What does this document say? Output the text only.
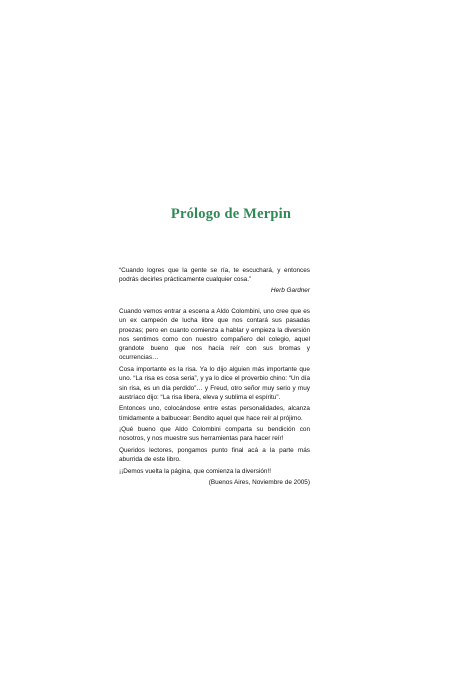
Prólogo de Merpin
“Cuando logres que la gente se ría, te escuchará, y entonces podrás decirles prácticamente cualquier cosa.”
Herb Gardner

Cuando vemos entrar a escena a Aldo Colombini, uno cree que es un ex campeón de lucha libre que nos contará sus pasadas proezas; pero en cuanto comienza a hablar y empieza la diversión nos sentimos como con nuestro compañero del colegio, aquel grandote bueno que nos hacía reír con sus bromas y ocurrencias…

Cosa importante es la risa. Ya lo dijo alguien más importante que uno. “La risa es cosa seria”, y ya lo dice el proverbio chino: “Un día sin risa, es un día perdido”… y Freud, otro señor muy serio y muy austríaco dijo: “La risa libera, eleva y sublima el espíritu”.

Entonces uno, colocándose entre estas personalidades, alcanza tímidamente a balbucear: Bendito aquel que hace reír al prójimo.

¡Qué bueno que Aldo Colombini comparta su bendición con nosotros, y nos muestre sus herramientas para hacer reír!

Queridos lectores, pongamos punto final acá a la parte más aburrida de este libro.

¡¡Demos vuelta la página, que comienza la diversión!!

(Buenos Aires, Noviembre de 2005)
